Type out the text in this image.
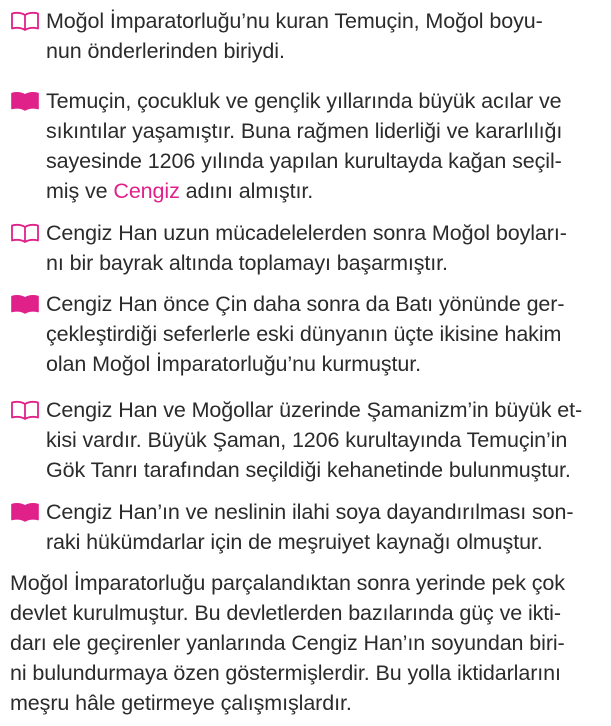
Moğol İmparatorluğu’nu kuran Temuçin, Moğol boyu-
nun önderlerinden biriydi.
Temuçin, çocukluk ve gençlik yıllarında büyük acılar ve
sıkıntılar yaşamıştır. Buna rağmen liderliği ve kararlılığı
sayesinde 1206 yılında yapılan kurultayda kağan seçil-
miş ve Cengiz adını almıştır.
Cengiz Han uzun mücadelelerden sonra Moğol boyları-
nı bir bayrak altında toplamayı başarmıştır.
Cengiz Han önce Çin daha sonra da Batı yönünde ger-
çekleştirdiği seferlerle eski dünyanın üçte ikisine hakim
olan Moğol İmparatorluğu’nu kurmuştur.
Cengiz Han ve Moğollar üzerinde Şamanizm’in büyük et-
kisi vardır. Büyük Şaman, 1206 kurultayında Temuçin’in
Gök Tanrı tarafından seçildiği kehanetinde bulunmuştur.
Cengiz Han’ın ve neslinin ilahi soya dayandırılması son-
raki hükümdarlar için de meşruiyet kaynağı olmuştur.
Moğol İmparatorluğu parçalandıktan sonra yerinde pek çok
devlet kurulmuştur. Bu devletlerden bazılarında güç ve ikti-
darı ele geçirenler yanlarında Cengiz Han’ın soyundan biri-
ni bulundurmaya özen göstermişlerdir. Bu yolla iktidarlarını
meşru hâle getirmeye çalışmışlardır.
